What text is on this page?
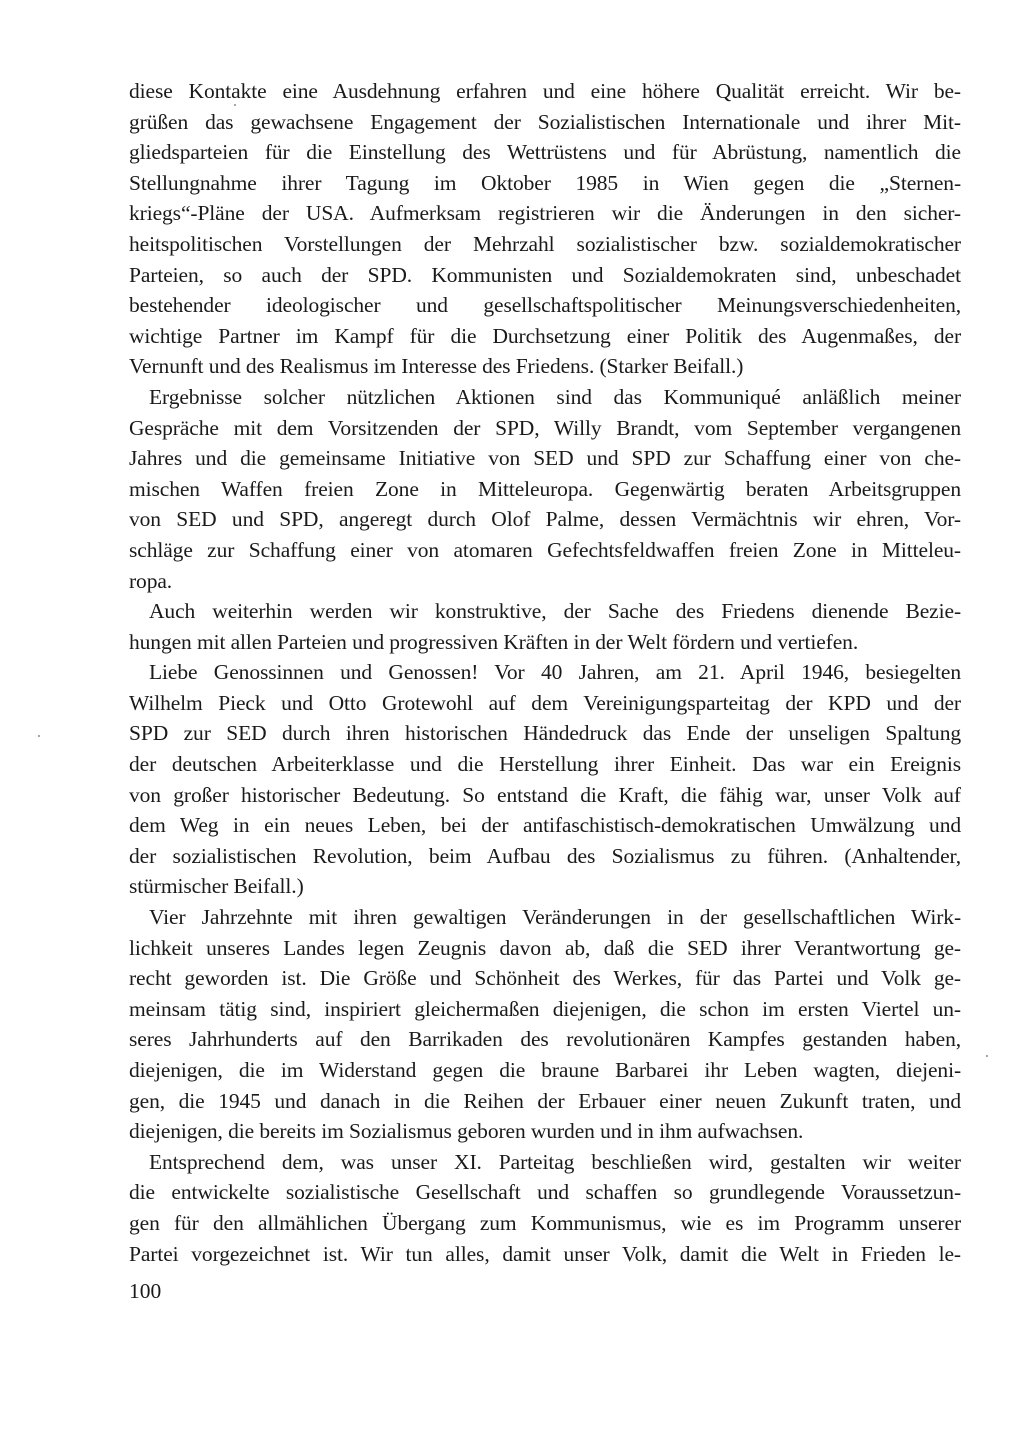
diese Kontakte eine Ausdehnung erfahren und eine höhere Qualität erreicht. Wir be-
grüßen das gewachsene Engagement der Sozialistischen Internationale und ihrer Mit-
gliedsparteien für die Einstellung des Wettrüstens und für Abrüstung, namentlich die
Stellungnahme ihrer Tagung im Oktober 1985 in Wien gegen die „Sternen-
kriegs“-Pläne der USA. Aufmerksam registrieren wir die Änderungen in den sicher-
heitspolitischen Vorstellungen der Mehrzahl sozialistischer bzw. sozialdemokratischer
Parteien, so auch der SPD. Kommunisten und Sozialdemokraten sind, unbeschadet
bestehender ideologischer und gesellschaftspolitischer Meinungsverschiedenheiten,
wichtige Partner im Kampf für die Durchsetzung einer Politik des Augenmaßes, der
Vernunft und des Realismus im Interesse des Friedens. (Starker Beifall.)
Ergebnisse solcher nützlichen Aktionen sind das Kommuniqué anläßlich meiner
Gespräche mit dem Vorsitzenden der SPD, Willy Brandt, vom September vergangenen
Jahres und die gemeinsame Initiative von SED und SPD zur Schaffung einer von che-
mischen Waffen freien Zone in Mitteleuropa. Gegenwärtig beraten Arbeitsgruppen
von SED und SPD, angeregt durch Olof Palme, dessen Vermächtnis wir ehren, Vor-
schläge zur Schaffung einer von atomaren Gefechtsfeldwaffen freien Zone in Mitteleu-
ropa.
Auch weiterhin werden wir konstruktive, der Sache des Friedens dienende Bezie-
hungen mit allen Parteien und progressiven Kräften in der Welt fördern und vertiefen.
Liebe Genossinnen und Genossen! Vor 40 Jahren, am 21. April 1946, besiegelten
Wilhelm Pieck und Otto Grotewohl auf dem Vereinigungsparteitag der KPD und der
SPD zur SED durch ihren historischen Händedruck das Ende der unseligen Spaltung
der deutschen Arbeiterklasse und die Herstellung ihrer Einheit. Das war ein Ereignis
von großer historischer Bedeutung. So entstand die Kraft, die fähig war, unser Volk auf
dem Weg in ein neues Leben, bei der antifaschistisch-demokratischen Umwälzung und
der sozialistischen Revolution, beim Aufbau des Sozialismus zu führen. (Anhaltender,
stürmischer Beifall.)
Vier Jahrzehnte mit ihren gewaltigen Veränderungen in der gesellschaftlichen Wirk-
lichkeit unseres Landes legen Zeugnis davon ab, daß die SED ihrer Verantwortung ge-
recht geworden ist. Die Größe und Schönheit des Werkes, für das Partei und Volk ge-
meinsam tätig sind, inspiriert gleichermaßen diejenigen, die schon im ersten Viertel un-
seres Jahrhunderts auf den Barrikaden des revolutionären Kampfes gestanden haben,
diejenigen, die im Widerstand gegen die braune Barbarei ihr Leben wagten, diejeni-
gen, die 1945 und danach in die Reihen der Erbauer einer neuen Zukunft traten, und
diejenigen, die bereits im Sozialismus geboren wurden und in ihm aufwachsen.
Entsprechend dem, was unser XI. Parteitag beschließen wird, gestalten wir weiter
die entwickelte sozialistische Gesellschaft und schaffen so grundlegende Voraussetzun-
gen für den allmählichen Übergang zum Kommunismus, wie es im Programm unserer
Partei vorgezeichnet ist. Wir tun alles, damit unser Volk, damit die Welt in Frieden le-
100
